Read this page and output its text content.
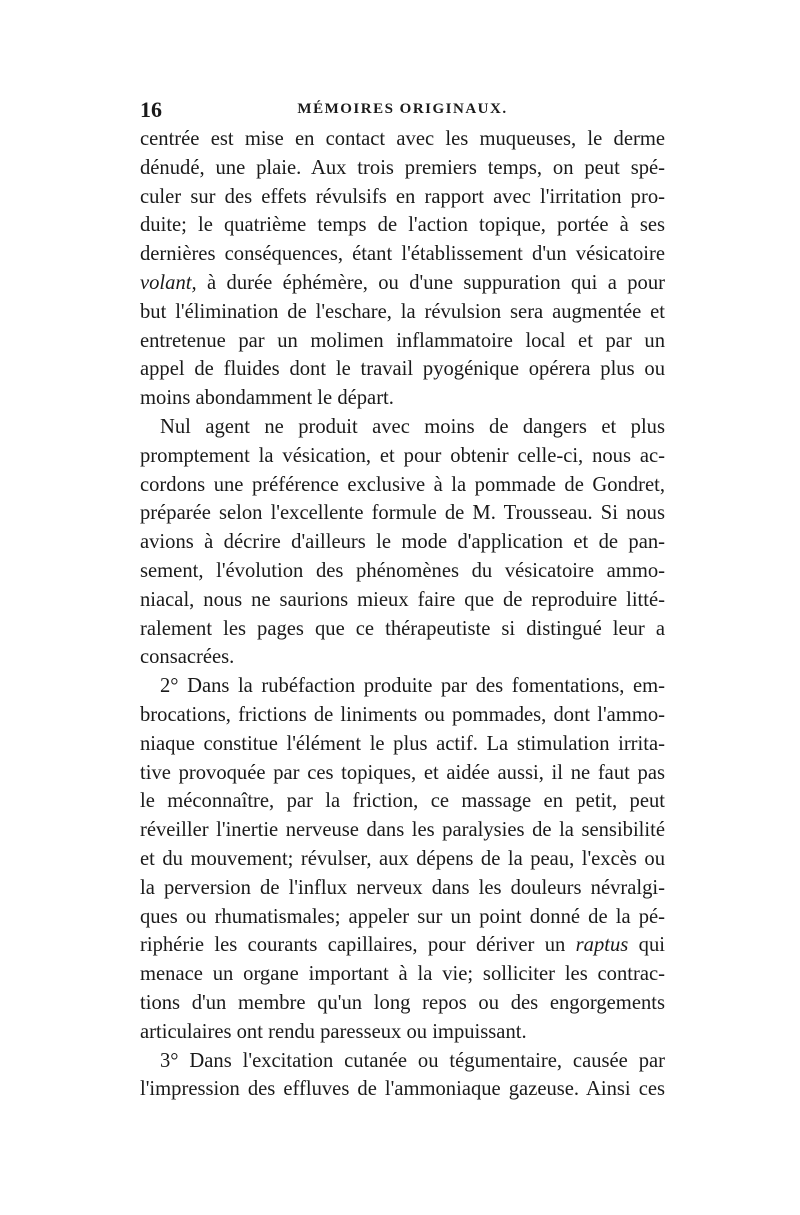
16	MÉMOIRES ORIGINAUX.
centrée est mise en contact avec les muqueuses, le derme
dénudé, une plaie. Aux trois premiers temps, on peut spé-
culer sur des effets révulsifs en rapport avec l'irritation pro-
duite; le quatrième temps de l'action topique, portée à ses
dernières conséquences, étant l'établissement d'un vésicatoire
volant, à durée éphémère, ou d'une suppuration qui a pour
but l'élimination de l'eschare, la révulsion sera augmentée et
entretenue par un molimen inflammatoire local et par un
appel de fluides dont le travail pyogénique opérera plus ou
moins abondamment le départ.
Nul agent ne produit avec moins de dangers et plus
promptement la vésication, et pour obtenir celle-ci, nous ac-
cordons une préférence exclusive à la pommade de Gondret,
préparée selon l'excellente formule de M. Trousseau. Si nous
avions à décrire d'ailleurs le mode d'application et de pan-
sement, l'évolution des phénomènes du vésicatoire ammo-
niacal, nous ne saurions mieux faire que de reproduire litté-
ralement les pages que ce thérapeutiste si distingué leur a
consacrées.
2° Dans la rubéfaction produite par des fomentations, em-
brocations, frictions de liniments ou pommades, dont l'ammo-
niaque constitue l'élément le plus actif. La stimulation irrita-
tive provoquée par ces topiques, et aidée aussi, il ne faut pas
le méconnaître, par la friction, ce massage en petit, peut
réveiller l'inertie nerveuse dans les paralysies de la sensibilité
et du mouvement; révulser, aux dépens de la peau, l'excès ou
la perversion de l'influx nerveux dans les douleurs névralgi-
ques ou rhumatismales; appeler sur un point donné de la pé-
riphérie les courants capillaires, pour dériver un raptus qui
menace un organe important à la vie; solliciter les contrac-
tions d'un membre qu'un long repos ou des engorgements
articulaires ont rendu paresseux ou impuissant.
3° Dans l'excitation cutanée ou tégumentaire, causée par
l'impression des effluves de l'ammoniaque gazeuse. Ainsi ces
